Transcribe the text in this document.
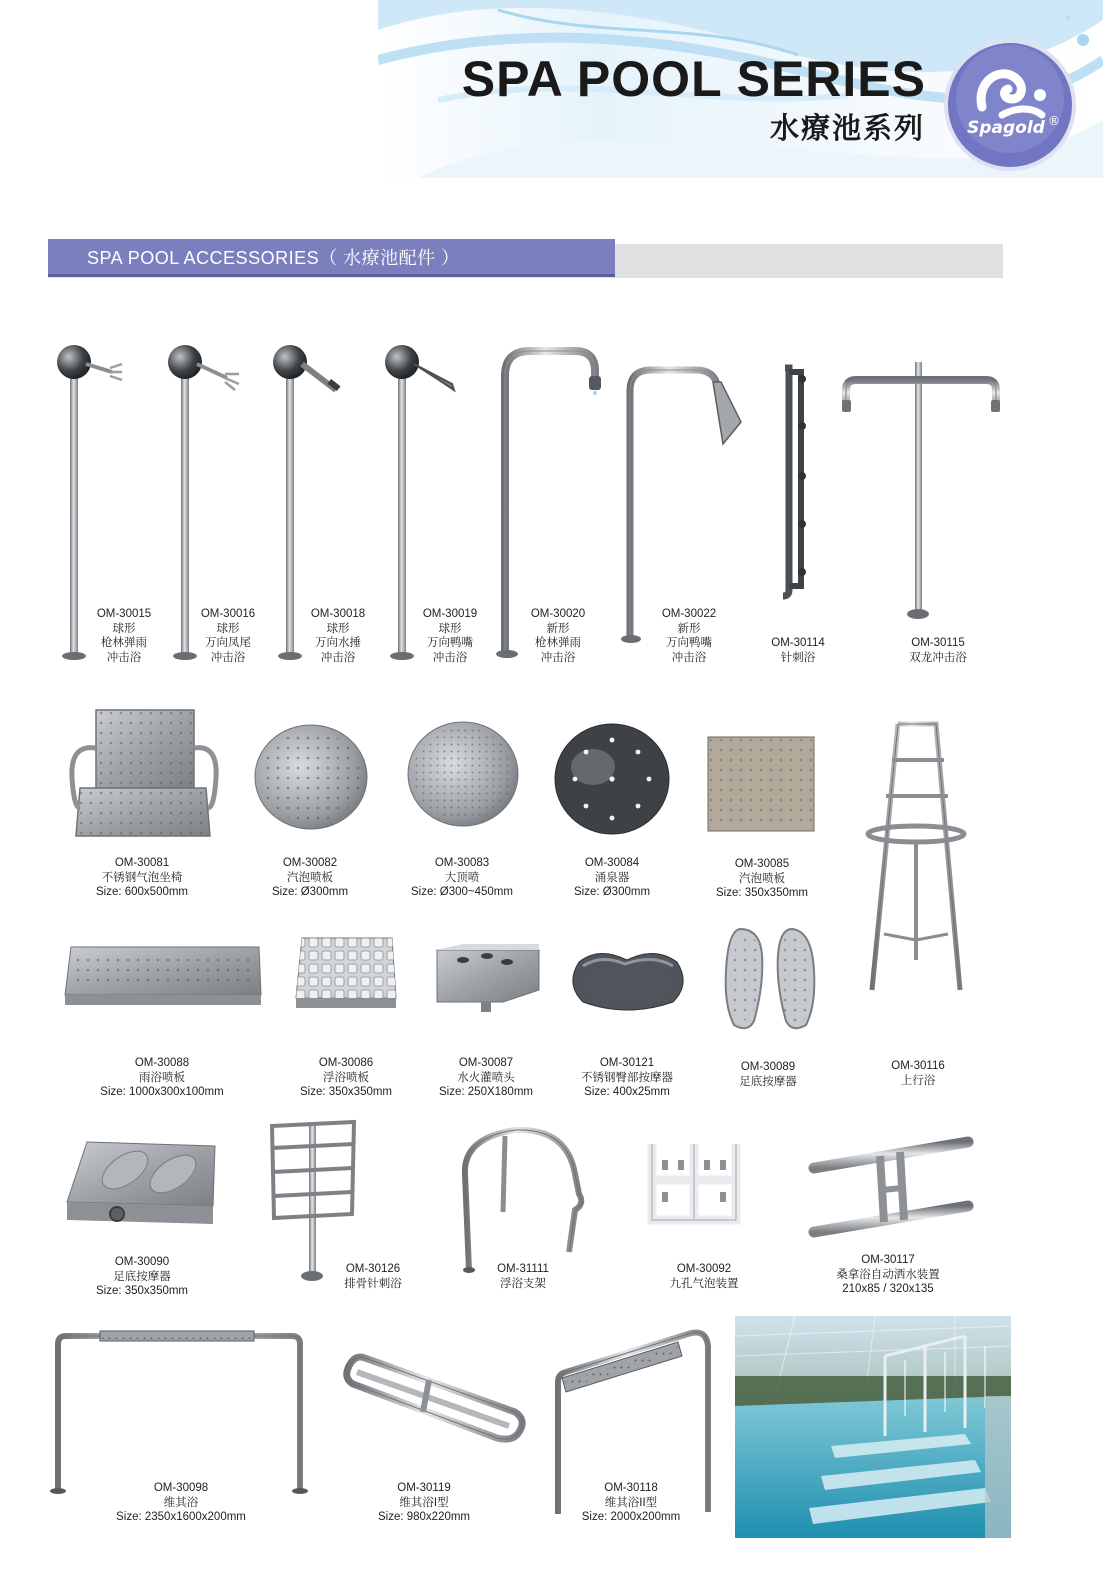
SPA POOL SERIES
水療池系列 Spagold ®
SPA POOL ACCESSORIES（ 水療池配件 ）
OM-30015
球形
枪林弹雨
冲击浴
OM-30016
球形
万向凤尾
冲击浴
OM-30018
球形
万向水捶
冲击浴
OM-30019
球形
万向鸭嘴
冲击浴
OM-30020
新形
枪林弹雨
冲击浴
OM-30022
新形
万向鸭嘴
冲击浴
OM-30114
针刺浴
OM-30115
双龙冲击浴
OM-30081
不锈钢气泡坐椅
Size: 600x500mm
OM-30082
汽泡喷板
Size: Ø300mm
OM-30083
大顶喷
Size: Ø300~450mm
OM-30084
涌泉器
Size: Ø300mm
OM-30085
汽泡喷板
Size: 350x350mm
OM-30088
雨浴喷板
Size: 1000x300x100mm
OM-30086
浮浴喷板
Size: 350x350mm
OM-30087
水火灌喷头
Size: 250X180mm
OM-30121
不锈钢臀部按摩器
Size: 400x25mm
OM-30089
足底按摩器
OM-30116
上行浴
OM-30090
足底按摩器
Size: 350x350mm
OM-30126
排骨针刺浴
OM-31111
浮浴支架
OM-30092
九孔气泡装置
OM-30117
桑拿浴自动洒水装置
210x85 / 320x135
OM-30098
维其浴
Size: 2350x1600x200mm
OM-30119
维其浴I型
Size: 980x220mm
OM-30118
维其浴II型
Size: 2000x200mm
